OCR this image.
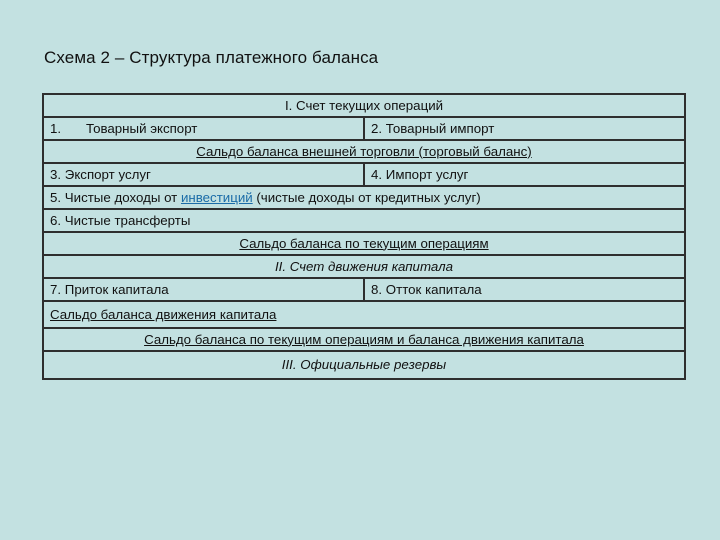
Схема 2 – Структура платежного баланса
I. Счет текущих операций	
1. Товарный экспорт	2. Товарный импорт
Сальдо баланса внешней торговли (торговый баланс)	
3. Экспорт услуг	4. Импорт услуг
5. Чистые доходы от инвестиций (чистые доходы от кредитных услуг)	
6. Чистые трансферты	
Сальдо баланса по текущим операциям	
II. Счет движения капитала	
7. Приток капитала	8. Отток капитала
Сальдо баланса движения капитала	
Сальдо баланса по текущим операциям и баланса движения капитала	
III. Официальные резервы	
